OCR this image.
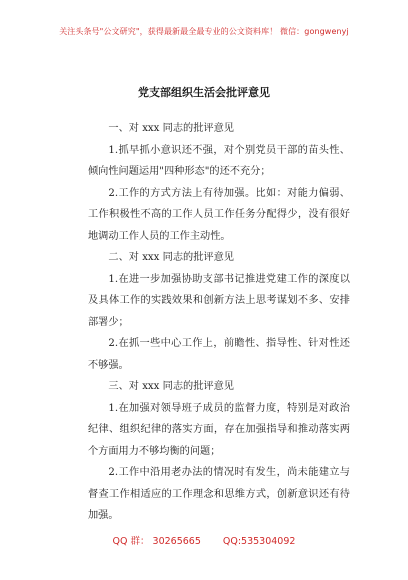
关注头条号"公文研究"，获得最新最全最专业的公文资料库！ 微信：gongwenyj
党支部组织生活会批评意见

一、对 xxx 同志的批评意见

1.抓早抓小意识还不强，对个别党员干部的苗头性、倾向性问题运用"四种形态"的还不充分；

2.工作的方式方法上有待加强。比如：对能力偏弱、工作积极性不高的工作人员工作任务分配得少，没有很好地调动工作人员的工作主动性。

二、对 xxx 同志的批评意见

1.在进一步加强协助支部书记推进党建工作的深度以及具体工作的实践效果和创新方法上思考谋划不多、安排部署少；

2.在抓一些中心工作上，前瞻性、指导性、针对性还不够强。

三、对 xxx 同志的批评意见

1.在加强对领导班子成员的监督力度，特别是对政治纪律、组织纪律的落实方面，存在加强指导和推动落实两个方面用力不够均衡的问题；

2.工作中沿用老办法的情况时有发生，尚未能建立与督查工作相适应的工作理念和思维方式，创新意识还有待加强。

QQ 群： 30265665 QQ:535304092
